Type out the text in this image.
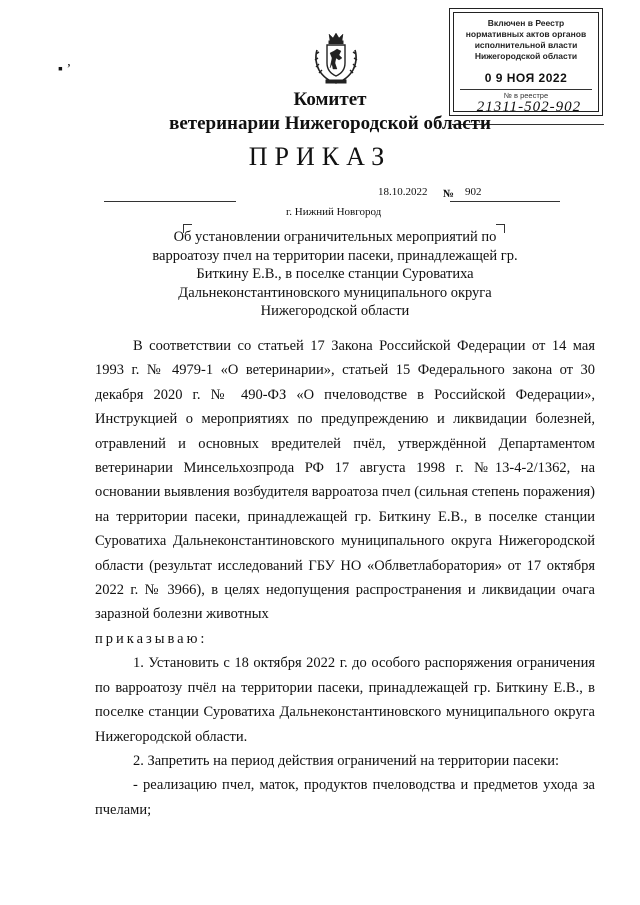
▪ ʼ
Включен в Реестр
нормативных актов органов
исполнительной власти
Нижегородской области
0 9 НОЯ 2022
№ в реестре
21311-502-902
Комитет
ветеринарии Нижегородской области
ПРИКАЗ
18.10.2022 № 902
г. Нижний Новгород
Об установлении ограничительных мероприятий по варроатозу пчел на территории пасеки, принадлежащей гр. Биткину Е.В., в поселке станции Суроватиха Дальнеконстантиновского муниципального округа Нижегородской области

В соответствии со статьей 17 Закона Российской Федерации от 14 мая 1993 г. № 4979-1 «О ветеринарии», статьей 15 Федерального закона от 30 декабря 2020 г. № 490-ФЗ «О пчеловодстве в Российской Федерации», Инструкцией о мероприятиях по предупреждению и ликвидации болезней, отравлений и основных вредителей пчёл, утверждённой Департаментом ветеринарии Минсельхозпрода РФ 17 августа 1998 г. №13-4-2/1362, на основании выявления возбудителя варроатоза пчел (сильная степень поражения) на территории пасеки, принадлежащей гр. Биткину Е.В., в поселке станции Суроватиха Дальнеконстантиновского муниципального округа Нижегородской области (результат исследований ГБУ НО «Облветлаборатория» от 17 октября 2022 г. № 3966), в целях недопущения распространения и ликвидации очага заразной болезни животных

приказываю:

1. Установить с 18 октября 2022 г. до особого распоряжения ограничения по варроатозу пчёл на территории пасеки, принадлежащей гр. Биткину Е.В., в поселке станции Суроватиха Дальнеконстантиновского муниципального округа Нижегородской области.

2. Запретить на период действия ограничений на территории пасеки:

- реализацию пчел, маток, продуктов пчеловодства и предметов ухода за пчелами;
